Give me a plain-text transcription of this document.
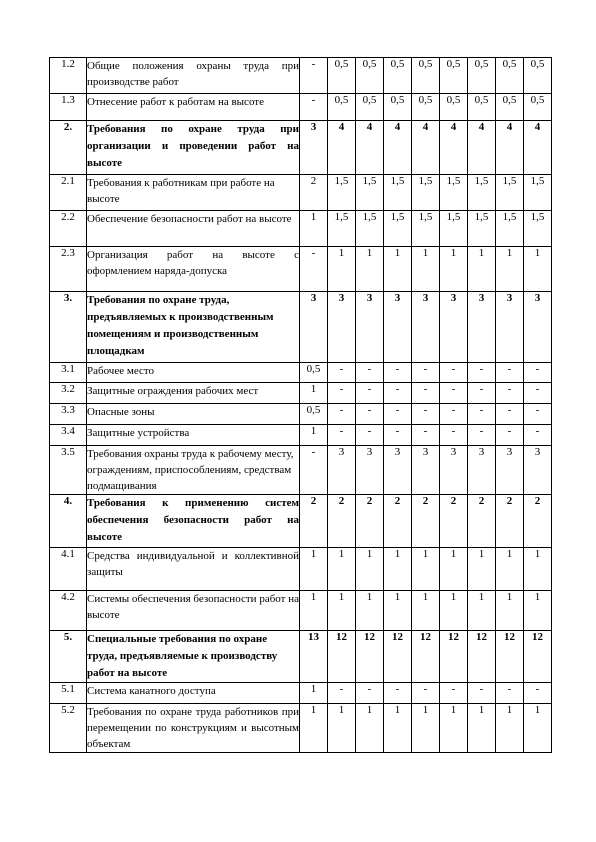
1.2	Общие положения охраны труда при производстве работ	-	0,5	0,5	0,5	0,5	0,5	0,5	0,5	0,5
1.3	Отнесение работ к работам на высоте	-	0,5	0,5	0,5	0,5	0,5	0,5	0,5	0,5
2.	Требования по охране труда при организации и проведении работ на высоте	3	4	4	4	4	4	4	4	4
2.1	Требования к работникам при работе на высоте	2	1,5	1,5	1,5	1,5	1,5	1,5	1,5	1,5
2.2	Обеспечение безопасности работ на высоте	1	1,5	1,5	1,5	1,5	1,5	1,5	1,5	1,5
2.3	Организация работ на высоте с оформлением наряда-допуска	-	1	1	1	1	1	1	1	1
3.	Требования по охране труда, предъявляемых к производственным помещениям и производственным площадкам	3	3	3	3	3	3	3	3	3
3.1	Рабочее место	0,5	-	-	-	-	-	-	-	-
3.2	Защитные ограждения рабочих мест	1	-	-	-	-	-	-	-	-
3.3	Опасные зоны	0,5	-	-	-	-	-	-	-	-
3.4	Защитные устройства	1	-	-	-	-	-	-	-	-
3.5	Требования охраны труда к рабочему месту, ограждениям, приспособлениям, средствам подмащивания	-	3	3	3	3	3	3	3	3
4.	Требования к применению систем обеспечения безопасности работ на высоте	2	2	2	2	2	2	2	2	2
4.1	Средства индивидуальной и коллективной защиты	1	1	1	1	1	1	1	1	1
4.2	Системы обеспечения безопасности работ на высоте	1	1	1	1	1	1	1	1	1
5.	Специальные требования по охране труда, предъявляемые к производству работ на высоте	13	12	12	12	12	12	12	12	12
5.1	Система канатного доступа	1	-	-	-	-	-	-	-	-
5.2	Требования по охране труда работников при перемещении по конструкциям и высотным объектам	1	1	1	1	1	1	1	1	1
